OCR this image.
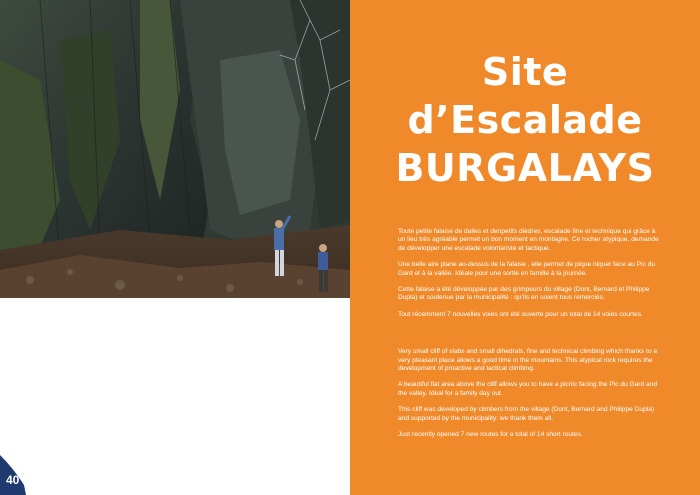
40
Site
d’Escalade
BURGALAYS

Toute petite falaise de dalles et denpetits dièdres, escalade fine et technique qui grâce à un lieu très agréable permet un bon moment en montagne. Ce rocher atypique, demande de développer une escalade volontariste et tactique.

Une belle aire plane au-dessus de la falaise , elle permet de pique niquer face au Pic du Gard et à la vallée. Idéale pour une sortie en famille à la journée.

Cette falaise a été développée par des grimpeurs du village (Dont, Bernard et Philippe Dupla) et soutenue par la municipalité : qu’ils en soient tous remerciés.

Tout récemment 7 nouvelles voies ont été ouverte pour un total de 14 voies courtes.

Very small cliff of slabs and small dihedrals, fine and technical climbing which thanks to a very pleasant place allows a good time in the mountains. This atypical rock requires the development of proactive and tactical climbing.

A beautiful flat area above the cliff allows you to have a picnic facing the Pic du Gard and the valley. Ideal for a family day out.

This cliff was developed by climbers from the village (Dont, Bernard and Philippe Dupla) and supported by the municipality: we thank them all.

Just recently opened 7 new routes for a total of 14 short routes.
